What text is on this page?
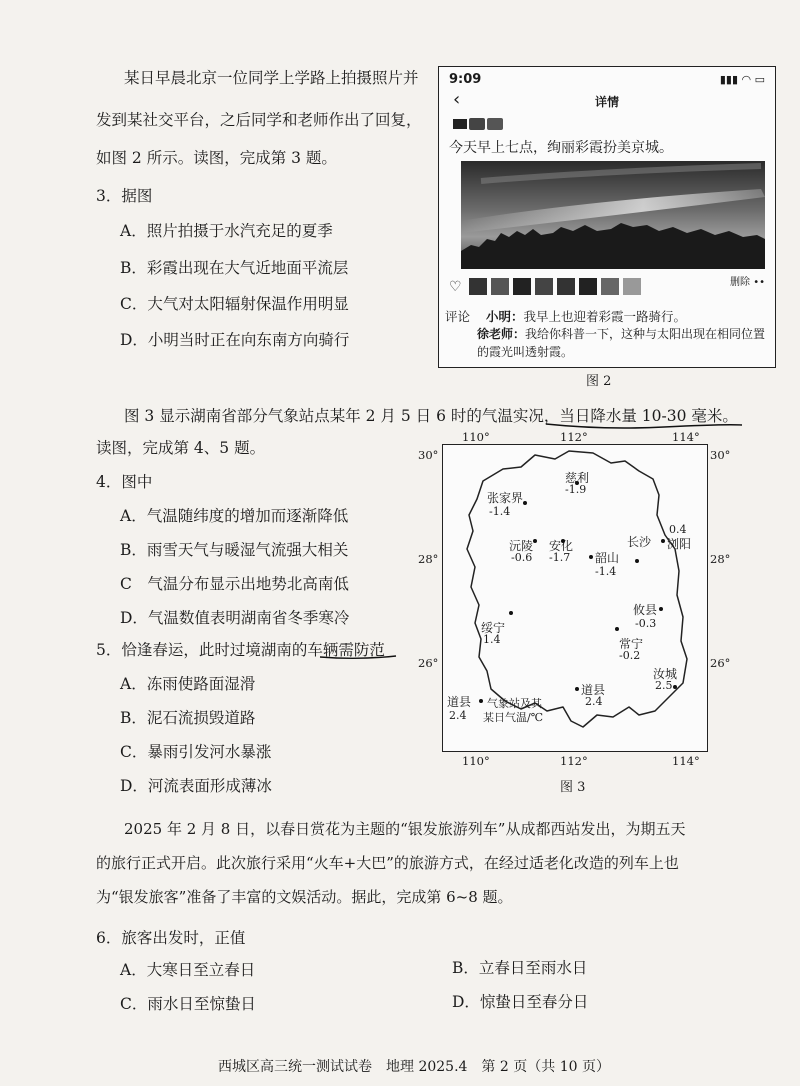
某日早晨北京一位同学上学路上拍摄照片并
发到某社交平台，之后同学和老师作出了回复，
如图 2 所示。读图，完成第 3 题。
3．据图
A．照片拍摄于水汽充足的夏季
B．彩霞出现在大气近地面平流层
C．大气对太阳辐射保温作用明显
D．小明当时正在向东南方向骑行
9:09	▮▮▮ ◠ ▭
‹	详情
今天早上七点，绚丽彩霞扮美京城。
♡	删除 ••
评论 小明：我早上也迎着彩霞一路骑行。
徐老师：我给你科普一下，这种与太阳出现在相同位置的霞光叫透射霞。
图 2
图 3 显示湖南省部分气象站点某年 2 月 5 日 6 时的气温实况，当日降水量 10-30 毫米。
读图，完成第 4、5 题。
4．图中
A．气温随纬度的增加而逐渐降低
B．雨雪天气与暖湿气流强大相关
C　气温分布显示出地势北高南低
D．气温数值表明湖南省冬季寒冷
5．恰逢春运，此时过境湖南的车辆需防范
A．冻雨使路面湿滑
B．泥石流损毁道路
C．暴雨引发河水暴涨
D．河流表面形成薄冰
110°	112°	114°
30°
28°
26°
30°
28°
26°
110°	112°	114°
慈利
-1.9
张家界
-1.4
沅陵
-0.6
安化
-1.7 韶山
-1.4
长沙 浏阳
0.4
绥宁
1.4
攸县
-0.3
常宁
-0.2
汝城
2.5
道县
2.4
道县
2.4
气象站及其
某日气温/℃
图 3
2025 年 2 月 8 日，以春日赏花为主题的“银发旅游列车”从成都西站发出，为期五天
的旅行正式开启。此次旅行采用“火车+大巴”的旅游方式，在经过适老化改造的列车上也
为“银发旅客”准备了丰富的文娱活动。据此，完成第 6~8 题。
6．旅客出发时，正值
A．大寒日至立春日	B．立春日至雨水日
C．雨水日至惊蛰日	D．惊蛰日至春分日
西城区高三统一测试试卷　地理 2025.4　第 2 页（共 10 页）
